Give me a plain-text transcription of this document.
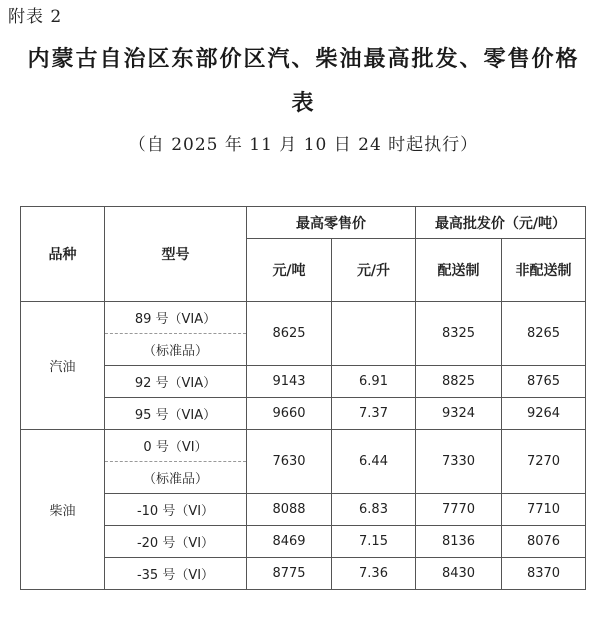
附表 2
内蒙古自治区东部价区汽、柴油最高批发、零售价格
表
（自 2025 年 11 月 10 日 24 时起执行）
品种	型号	最高零售价		最高批发价（元/吨）	
		元/吨	元/升	配送制	非配送制
汽油	89 号（VIA）	8625		8325	8265
	（标准品）				
	92 号（VIA）	9143	6.91	8825	8765
	95 号（VIA）	9660	7.37	9324	9264
柴油	0 号（VI）	7630	6.44	7330	7270
	（标准品）				
	-10 号（VI）	8088	6.83	7770	7710
	-20 号（VI）	8469	7.15	8136	8076
	-35 号（VI）	8775	7.36	8430	8370
